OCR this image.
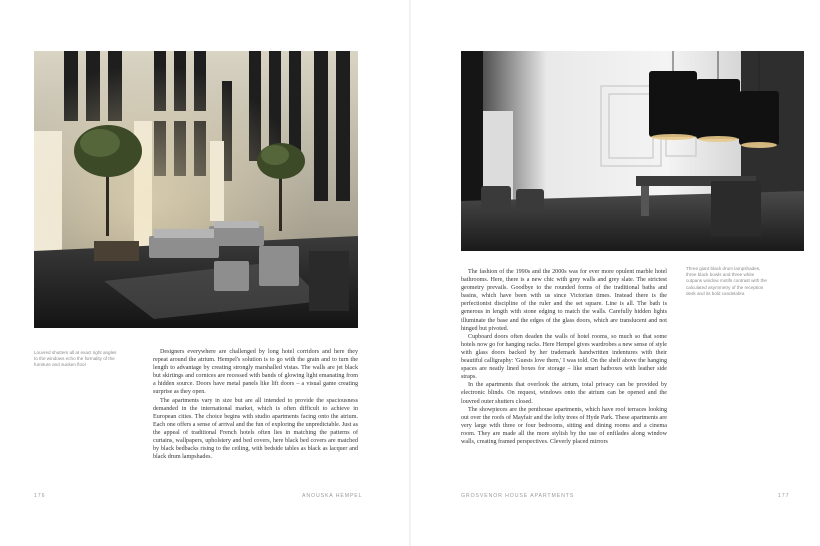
Louvred shutters all at exact right angles to the windows echo the formality of the furniture and sunken floor

Designers everywhere are challenged by long hotel corridors and here they repeat around the atrium. Hempel's solution is to go with the grain and to turn the length to advantage by creating strongly marshalled vistas. The walls are jet black but skirtings and cornices are recessed with bands of glowing light emanating from a hidden source. Doors have metal panels like lift doors – a visual game creating surprise as they open.

The apartments vary in size but are all intended to provide the spaciousness demanded in the international market, which is often difficult to achieve in European cities. The choice begins with studio apartments facing onto the atrium. Each one offers a sense of arrival and the fun of exploring the unpredictable. Just as the appeal of traditional French hotels often lies in matching the patterns of curtains, wallpapers, upholstery and bed covers, here black bed covers are matched by black bedbacks rising to the ceiling, with bedside tables as black as lacquer and black drum lampshades.

176	ANOUSKA HEMPEL
Three giant black drum lampshades, three black bowls and three white cutpans window motifs contrast with the calculated asymmetry of the reception desk and its bold candelabra

The fashion of the 1990s and the 2000s was for ever more opulent marble hotel bathrooms. Here, there is a new chic with grey walls and grey slate. The strictest geometry prevails. Goodbye to the rounded forms of the traditional baths and basins, which have been with us since Victorian times. Instead there is the perfectionist discipline of the ruler and the set square. Line is all. The bath is generous in length with stone edging to match the walls. Carefully hidden lights illuminate the base and the edges of the glass doors, which are translucent and not hinged but pivoted.

Cupboard doors often deaden the walls of hotel rooms, so much so that some hotels now go for hanging racks. Here Hempel gives wardrobes a new sense of style with glass doors backed by her trademark handwritten indentures with their beautiful calligraphy: 'Guests love them,' I was told. On the shelf above the hanging spaces are neatly lined boxes for storage – like smart hatboxes with leather side straps.

In the apartments that overlook the atrium, total privacy can be provided by electronic blinds. On request, windows onto the atrium can be opened and the louvred outer shutters closed.

The showpieces are the penthouse apartments, which have roof terraces looking out over the roofs of Mayfair and the lofty trees of Hyde Park. These apartments are very large with three or four bedrooms, sitting and dining rooms and a cinema room. They are made all the more stylish by the use of enfilades along window walls, creating framed perspectives. Cleverly placed mirrors

GROSVENOR HOUSE APARTMENTS	177
